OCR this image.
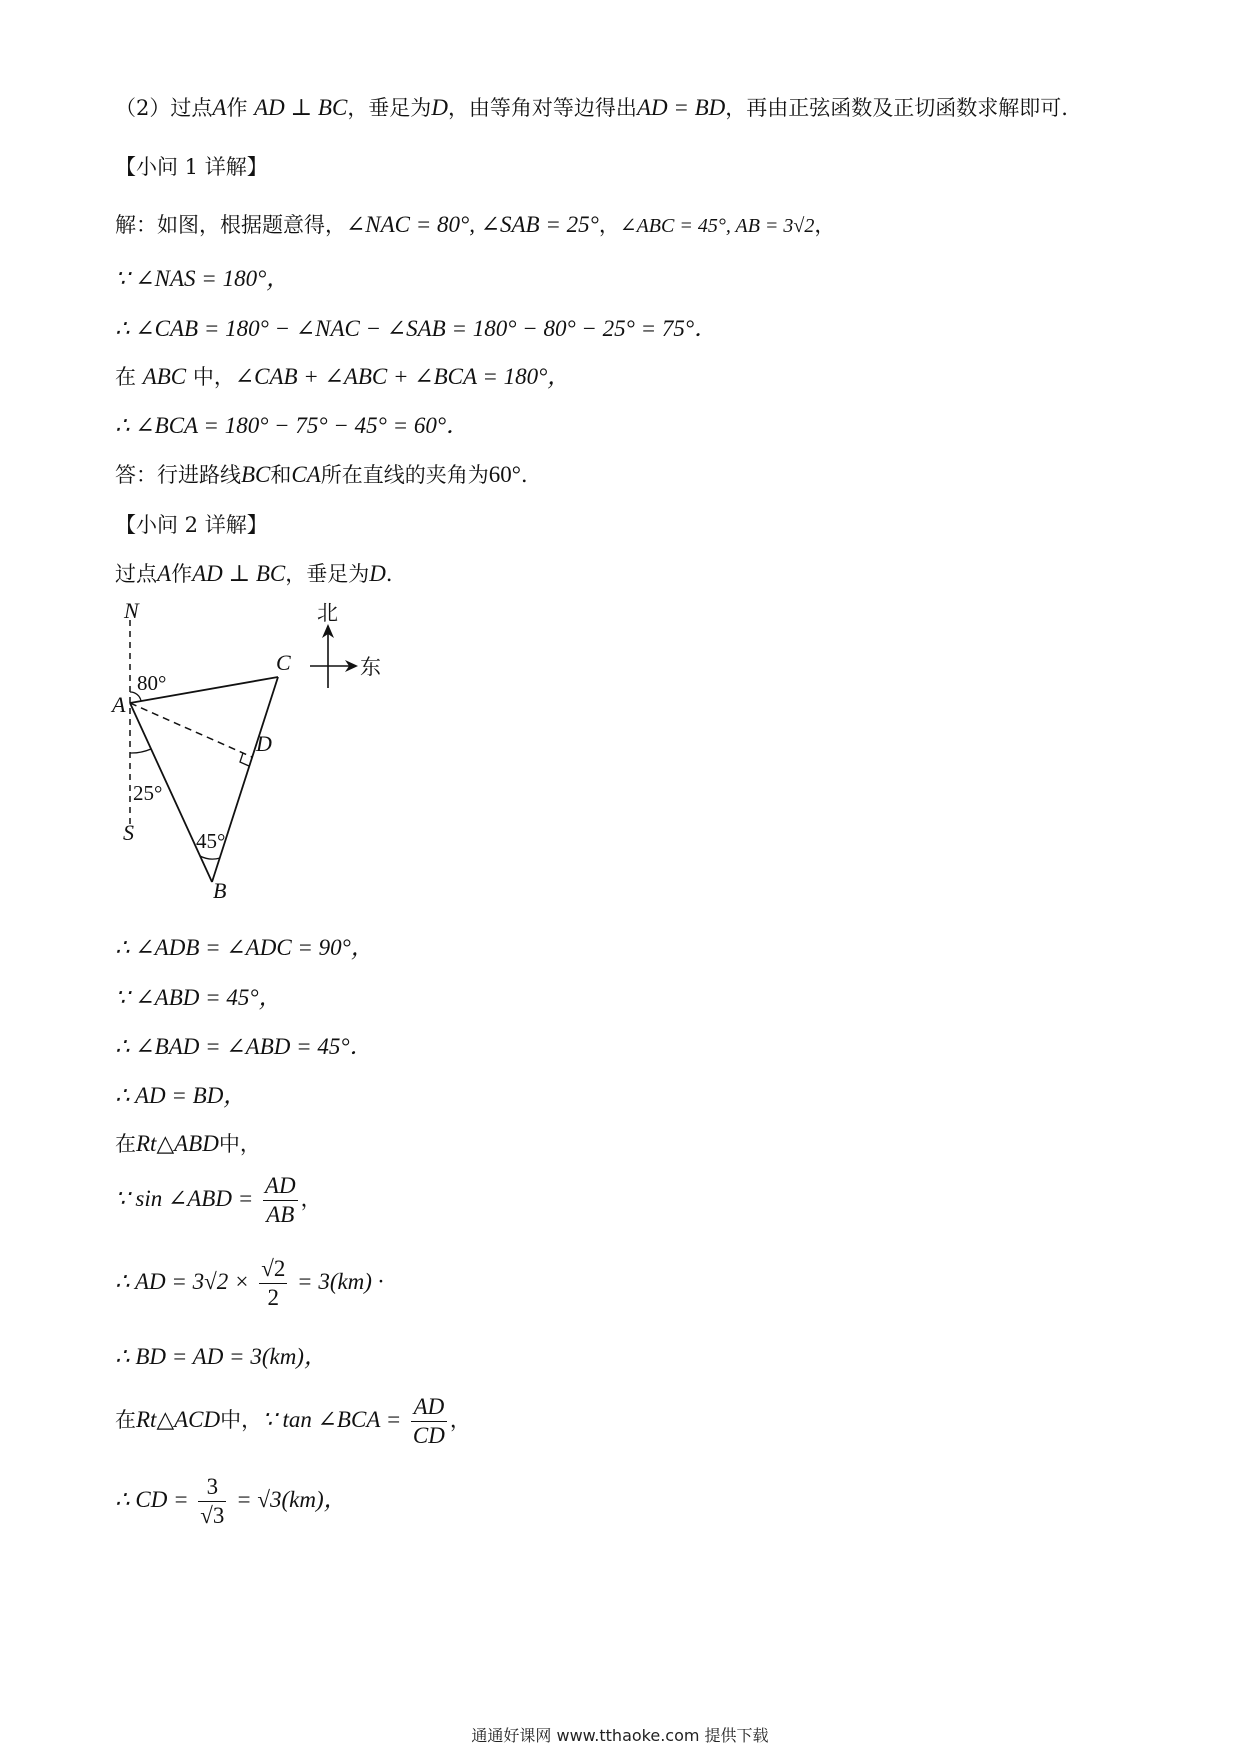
（2）过点A作 AD ⊥ BC，垂足为D，由等角对等边得出AD = BD，再由正弦函数及正切函数求解即可.
【小问 1 详解】
解：如图，根据题意得，∠NAC = 80°, ∠SAB = 25°，∠ABC = 45°, AB = 3√2，
∵ ∠NAS = 180°，
∴ ∠CAB = 180° − ∠NAC − ∠SAB = 180° − 80° − 25° = 75°．
在 ABC 中，∠CAB + ∠ABC + ∠BCA = 180°，
∴ ∠BCA = 180° − 75° − 45° = 60°．
答：行进路线BC和CA所在直线的夹角为60°．
【小问 2 详解】
过点A作AD ⊥ BC，垂足为D．
N
S
A
B
C
D
80°
25°
45°
北
东
∴ ∠ADB = ∠ADC = 90°，
∵ ∠ABD = 45°，
∴ ∠BAD = ∠ABD = 45°．
∴ AD = BD，
在Rt△ABD中，
∵ sin ∠ABD = $\frac{AD}{AB}$ ，
∴ AD = $3√2 \times \frac{√2}{2} = 3(km)$ ·
∴ BD = AD = 3(km)，
在Rt△ACD中，∵ tan ∠BCA = $\frac{AD}{CD}$ ，
∴ CD = $\frac{3}{√3} = √3(km)$，
通通好课网 www.tthaoke.com 提供下载
